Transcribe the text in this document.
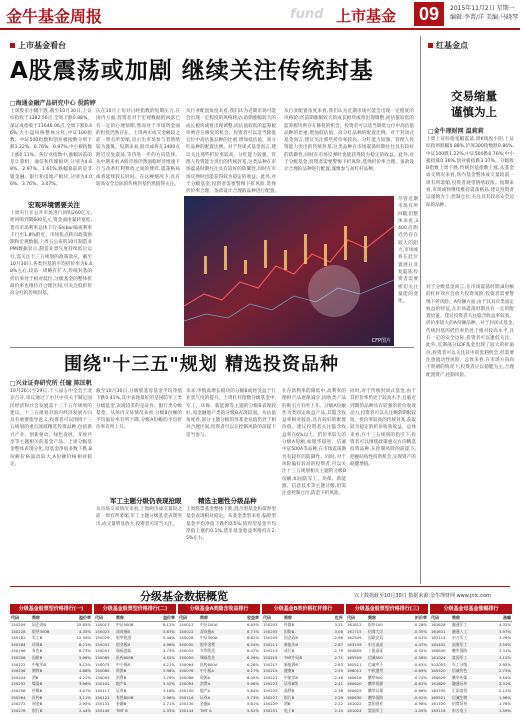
金牛基金周报	fund 上市基金 09	2015年11月2日 星期一
编辑:李菁/洋 美编:马晓琴
上市基金看台
A股震荡或加剧 继续关注传统封基
□海通金融产品研究中心 倪韵婷
上周股市小幅下跌,截至10月30日,上证综指收于3382.56点,全周下跌0.88%。深证成指收于11646.06点,全周下跌0.46%,大小盘风格整体分化,中证100指数、中证500指数和创业板指数分别下跌1.22%、0.76%、0.97%,中小板指数上涨0.11%。各行业指数中,涨幅居前的是计算机、通信和传媒板块,分别为4.68%、2.97%、1.61%;跌幅靠前的是非银金融、银行和房地产板块,分别为4.06%、3.76%、3.07%。
宏观环境需要关注
上周央行在公开市场进行回购260亿元,逆回购到期600亿元,资金面由紧转宽松,货币市场利率总体下行,Shibor隔夜利率下行至1.8%附近。市场焦点转向政策预期和宏观数据,上周五公布的10月制造业PMI数据显示,制造业景气度持续低位运行,需关注十三五规划的政策效应。截至10月30日,各类封基的平均折价率为6.48%左右,较前一周略有扩大,传统封基的折价率处于相对低位,分级基金的整体折溢价率也维持在合理区间,可关注低折价高分红的传统封基。
庆在10月上旬对日经指数的短期压力,在国内方面,投资者对于宏观数据的回落已有一定的心理预期,然而对于市场资金面的担忧仍然存在。上周两市成交金额较之前一周有所萎缩,显示出市场参与者情绪较为谨慎。短期来看,股市或将在3400点附近反复震荡,等待进一步的方向选择。从中期来看,A股市场仍然面临经济增速下行与改革红利释放之间的博弈,震荡格局或将延续较长时间。在这种情况下,具有较高安全边际的传统封基仍然值得关注。
从行业配置角度来看,我们认为近期市场可能会出现一定程度的风格轮动,前期涨幅较大的成长板块或将出现调整,而估值较低的蓝筹板块则存在修复的机会。投资者可以适当降低仓位中高估值品种的比重,增加低估值、高分红品种的配置比例。对于封闭式基金而言,建议关注那些折价率较高、分红能力较强、管理人投资能力突出的传统封基,这类品种在市场震荡时期往往具有较好的防御性,同时在市场反弹时也能获得较为稳定的收益。此外,对于分级基金,投资者需要警惕下折风险,选择折价率合理、条款设计合理的品种进行配置,
从行业配置角度来看,我们认为近期市场可能会出现一定程度的风格轮动,前期涨幅较大的成长板块或将出现调整,而估值较低的蓝筹板块则存在修复的机会。投资者可以适当降低仓位中高估值品种的比重,增加低估值、高分红品种的配置比例。对于封闭式基金而言,建议关注那些折价率较高、分红能力较强、管理人投资能力突出的传统封基,这类品种在市场震荡时期往往具有较好的防御性,同时在市场反弹时也能获得较为稳定的收益。此外,对于分级基金,投资者需要警惕下折风险,选择折价率合理、条款设计合理的品种进行配置,谨慎参与高杠杆品种。
CFP图片
尽管近期市场有所回暖,但整体来看,3400点附近仍存在较大的阻力,市场或将在此位置展开反复震荡,投资者需要密切关注量能的变化。
红基金点
交易缩量
谨慎为上
□金牛理财网 温莉莉
上周上证综指宽幅震荡,周K线收小阴,上证综指周跌幅0.88%,沪深300指数跌0.86%,中证100跌1.22%,中证500跌0.76%;中小板指涨0.36%,创业板指跌3.37%。分级股B指数上周下跌,传统封基指数上涨,从基金成交情况来看,场内基金整体成交量较前一周有所萎缩,投资者观望情绪较浓。短期来看,市场或将继续维持震荡格局,建议投资者以谨慎为上,控制仓位,关注具有较高安全边际的品种。
对于分级基金而言,在市场震荡时期,B份额的杠杆效应会放大投资风险,投资者需要警惕下折风险。A份额方面,由于其具有类固定收益的特征,在市场震荡时期具有一定的配置价值。建议投资者关注隐含收益率较高、折价率较大的A份额品种。对于封闭式基金,传统封基的折价率仍处于相对较高水平,具有一定的安全边际,投资者可以逢低关注。此外,近期部分LOF基金出现了较大的折溢价,投资者可以关注其中的套利机会,但需要注意流动性风险。总体来看,在市场方向尚不明朗的情况下,投资者应以稳健为主,合理配置资产,控制风险。
围绕"十三五"规划 精选投资品种
□兴业证券研究所 任瞳 陈匡帆
10月26日至29日,十八届五中全会于北京召开,审议通过了中共中央关于制定国民经济和社会发展第十三个五年规划的建议。十三五规划对国内经济发展方向具有重要指导意义,投资者可以围绕十三五规划的重点领域精选投资品种,包括新兴产业、创新驱动、绿色发展、开放共享等主题相关的基金产品。上周分级基金整体表现分化,母基金净值多数下跌,B份额价格波动较大,A份额价格相对稳定。
截至10月30日,分级股基母基金平均净值下跌0.41%,其中表现最好的是国防军工类分级基金,表现较差的是证券、银行类分级基金。从场内交易情况来看,分级B份额的平均溢价率有所下降,分级A份额的平均折价率有所上升。
军工主题分级仍表现抢眼
从市场交易情况来看,上周两市成交量较之前一周有所萎缩,军工主题分级基金表现突出,成交量明显放大,投资者可适当关注。
未来,申购高增长板块的分级B或将受益于行业景气度的提升。上周杠杆指数分级基金中,军工、环保、新能源等主题的分级B表现较好,而金融地产类的分级B表现较弱。从估值角度看,部分主题分级的母基金估值仍处于相对合理区间,投资者可以在控制风险的前提下适当参与。
精选主题性分级品种
上周股票基金整体下跌,混合型基金和债券型基金表现相对稳定。从基金类型来看,偏股型基金平均净值下跌约0.5%,债券型基金平均净值上涨约0.1%,货币基金收益率维持在2.5%左右。
在存款利率的降低中,高利率的理财产品逐渐减少,固收类产品的吸引力有所上升。分级A份额作为类固定收益产品,其隐含收益率相对较高,具有较好的配置价值。建议投资者关注隐含收益率在6%以上、折价率较大的分级A份额,如银华稳进、信诚中证500A等品种,在市场震荡期具有较好的防御性。同时,对于风险偏好较高的投资者,可以关注十三五规划相关主题的分级B份额,如国防军工、环保、新能源、信息技术等主题分级,但需注意控制仓位,防范下折风险。
同时,对于传统封闭式基金,由于其折价率仍处于较高水平,且临近到期的品种具有较强的折价收敛动力,投资者可以关注剩余期限较短、折价率较高的传统封基,获取较为稳定的折价收敛收益。总体来看,在十三五规划的指引下,投资者可以围绕政策重点方向精选投资品种,在控制风险的前提下,把握结构性投资机会,实现资产的稳健增值。
分级基金数据概览	以上数据截至10月30日 数据来源:金牛理财网 www.jnlc.com
分级基金股票型价格排行(一)
代码	简称	溢价率
150209	国企改B	25.85%
150228	银华300B	4.35%
150182	军工B	12.34%
150184	环保B	8.21%
150196	有色B	6.73%
150206	国防B	5.96%
150222	中航军B	5.12%
150236	钢铁B	4.88%
150244	酒B	4.21%
150252	煤炭B	3.96%
150258	传媒B	3.47%
150264	医药B	3.11%
150272	网金B	2.95%
150278	银行B	2.44%
分级基金股票型价格排行(二)
代码	简称	溢价率
150017	中证500B	6.12%
150023	深成指B	5.87%
150029	银华锐进	5.44%
150031	创业板B	4.96%
150051	瑞福进取	4.73%
150065	医药800B	4.52%
150075	中小板B	4.21%
150085	资源B	3.98%
150093	消费B	3.76%
150101	地产B	3.52%
150117	证券B	3.18%
150121	有色800B	2.96%
150131	金融B	2.71%
150145	TMT B	2.33%
分级基金A类隐含收益排行
代码	简称	收益率
150012	中证100A	6.83%
150022	深成指A	6.71%
150028	中证500A	6.62%
150030	银华金利	6.54%
150032	多利优先	6.47%
150050	瑞福优先	6.39%
150064	医药800A	6.28%
150076	中小板A	6.17%
150086	资源A	6.05%
150094	消费A	5.96%
150100	地产A	5.84%
150116	证券A	5.73%
150130	金融A	5.61%
150144	TMT A	5.52%
分级基金B类价格杠杆排行
代码	简称	杠杆
150203	传媒B	3.21
150205	国防B	3.08
150209	国企改B	2.96
150211	新能车B	2.87
150213	成长B	2.79
150215	TMT中证B	2.71
150217	新能源B	2.63
150219	健康B	2.55
150221	中航军B	2.48
150223	证券B级	2.41
150225	高铁B	2.36
150227	银行B	2.29
150229	酒B	2.22
150231	电子B	2.15
分级基金股票型价格排行(三)
代码	简称	折价率
161812	银华100	-0.28%
161715	招商大宗	-0.35%
162509	国联安双	-0.41%
163109	申万深成	-0.47%
164809	工银深证	-0.52%
165509	信诚500	-0.58%
165511	信诚中小	-0.63%
166011	中欧盛世	-0.69%
160616	鹏华500	-0.74%
160620	鹏华资源	-0.81%
160625	鹏华证保	-0.86%
160630	鹏华国防	-0.92%
161022	富国创业	-0.98%
161024	富国军工	-1.05%
分级基金母基金涨幅排行
代码	简称	涨幅
161628	融通军工	4.32%
161631	融通人工	3.97%
163115	申万军工	3.76%
164402	前海军工	3.54%
160630	鹏华国防	3.31%
161024	富国军工	3.12%
502003	军工分级	2.95%
165520	信诚有色	2.73%
160629	鹏华传媒	2.54%
161629	融通证券	2.31%
164705	汇添富恒	2.12%
165521	信诚生物	1.96%
161720	招商证券	1.78%
163116	申万电子	1.59%
